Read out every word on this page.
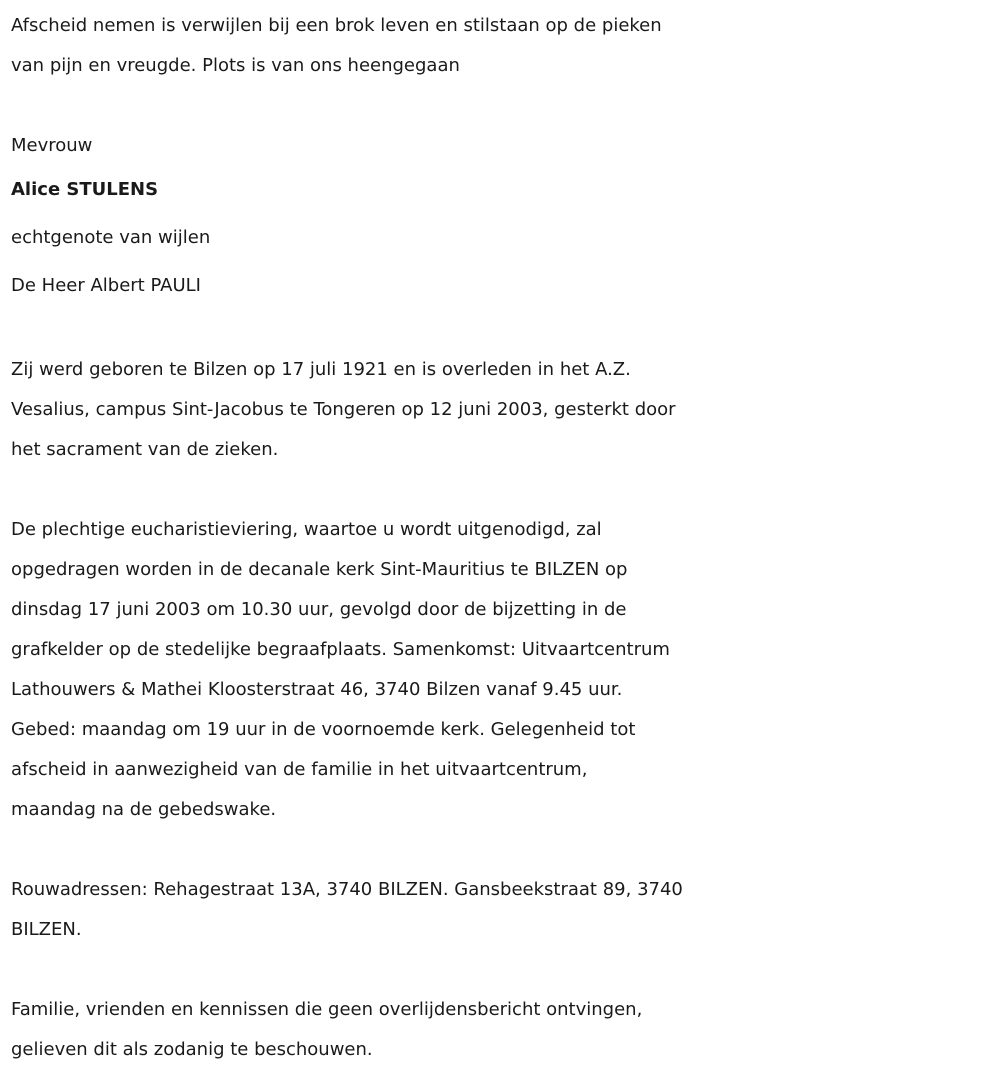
Afscheid nemen is verwijlen bij een brok leven en stilstaan op de pieken

van pijn en vreugde. Plots is van ons heengegaan

Mevrouw

Alice STULENS

echtgenote van wijlen

De Heer Albert PAULI

Zij werd geboren te Bilzen op 17 juli 1921 en is overleden in het A.Z.

Vesalius, campus Sint-Jacobus te Tongeren op 12 juni 2003, gesterkt door

het sacrament van de zieken.

De plechtige eucharistieviering, waartoe u wordt uitgenodigd, zal

opgedragen worden in de decanale kerk Sint-Mauritius te BILZEN op

dinsdag 17 juni 2003 om 10.30 uur, gevolgd door de bijzetting in de

grafkelder op de stedelijke begraafplaats. Samenkomst: Uitvaartcentrum

Lathouwers & Mathei Kloosterstraat 46, 3740 Bilzen vanaf 9.45 uur.

Gebed: maandag om 19 uur in de voornoemde kerk. Gelegenheid tot

afscheid in aanwezigheid van de familie in het uitvaartcentrum,

maandag na de gebedswake.

Rouwadressen: Rehagestraat 13A, 3740 BILZEN. Gansbeekstraat 89, 3740

BILZEN.

Familie, vrienden en kennissen die geen overlijdensbericht ontvingen,

gelieven dit als zodanig te beschouwen.
